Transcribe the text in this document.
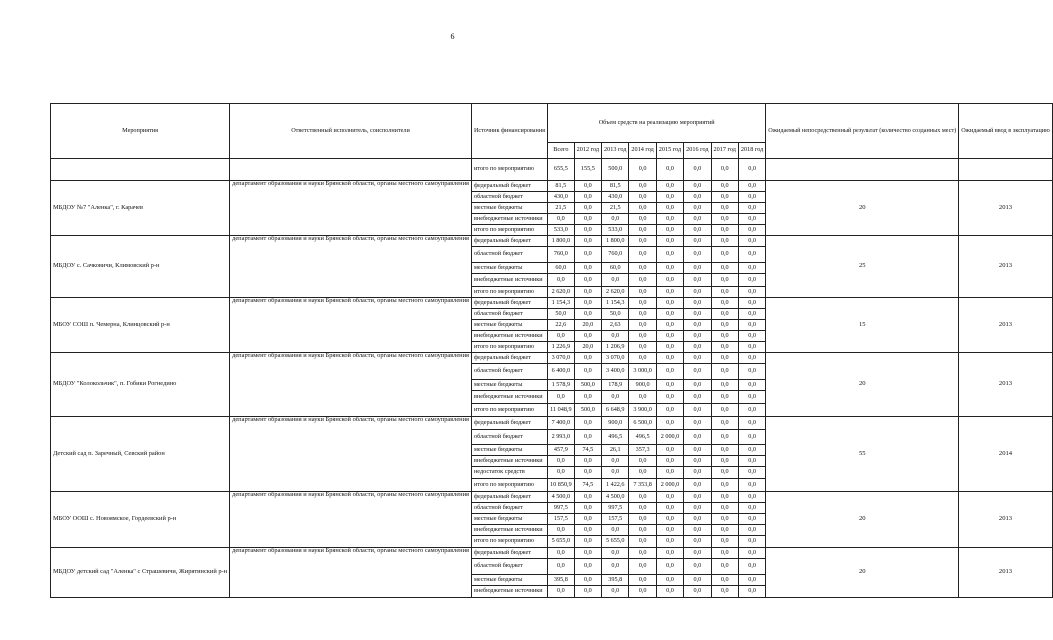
6
Мероприятия	Ответственный исполнитель, соисполнители	Источник финансирования	Объем средств на реализацию мероприятий								Ожидаемый непосредственный результат (количество созданных мест)	Ожидаемый ввод в эксплуатацию
			Всего	2012 год	2013 год	2014 год	2015 год	2016 год	2017 год	2018 год		
		итого по мероприятию	655,5	155,5	500,0	0,0	0,0	0,0	0,0	0,0		
МБДОУ №7 "Аленка", г. Карачев	департамент образования и науки Брянской области, органы местного самоуправления	федеральный бюджет	81,5	0,0	81,5	0,0	0,0	0,0	0,0	0,0	20	2013
		областной бюджет	430,0	0,0	430,0	0,0	0,0	0,0	0,0	0,0		
		местные бюджеты	21,5	0,0	21,5	0,0	0,0	0,0	0,0	0,0		
		внебюджетные источники	0,0	0,0	0,0	0,0	0,0	0,0	0,0	0,0		
		итого по мероприятию	533,0	0,0	533,0	0,0	0,0	0,0	0,0	0,0		
МБДОУ с. Сачковичи, Климовский р-н	департамент образования и науки Брянской области, органы местного самоуправления	федеральный бюджет	1 800,0	0,0	1 800,0	0,0	0,0	0,0	0,0	0,0	25	2013
		областной бюджет	760,0	0,0	760,0	0,0	0,0	0,0	0,0	0,0		
		местные бюджеты	60,0	0,0	60,0	0,0	0,0	0,0	0,0	0,0		
		внебюджетные источники	0,0	0,0	0,0	0,0	0,0	0,0	0,0	0,0		
		итого по мероприятию	2 620,0	0,0	2 620,0	0,0	0,0	0,0	0,0	0,0		
МБОУ СОШ п. Чемерна, Клинцовский р-н	департамент образования и науки Брянской области, органы местного самоуправления	федеральный бюджет	1 154,3	0,0	1 154,3	0,0	0,0	0,0	0,0	0,0	15	2013
		областной бюджет	50,0	0,0	50,0	0,0	0,0	0,0	0,0	0,0		
		местные бюджеты	22,6	20,0	2,63	0,0	0,0	0,0	0,0	0,0		
		внебюджетные источники	0,0	0,0	0,0	0,0	0,0	0,0	0,0	0,0		
		итого по мероприятию	1 226,9	20,0	1 206,9	0,0	0,0	0,0	0,0	0,0		
МБДОУ "Колокольчик", п. Гобики Рогнедино	департамент образования и науки Брянской области, органы местного самоуправления	федеральный бюджет	3 070,0	0,0	3 070,0	0,0	0,0	0,0	0,0	0,0	20	2013
		областной бюджет	6 400,0	0,0	3 400,0	3 000,0	0,0	0,0	0,0	0,0		
		местные бюджеты	1 578,9	500,0	178,9	900,0	0,0	0,0	0,0	0,0		
		внебюджетные источники	0,0	0,0	0,0	0,0	0,0	0,0	0,0	0,0		
		итого по мероприятию	11 048,9	500,0	6 648,9	3 900,0	0,0	0,0	0,0	0,0		
Детский сад п. Заречный, Севский район	департамент образования и науки Брянской области, органы местного самоуправления	федеральный бюджет	7 400,0	0,0	900,0	6 500,0	0,0	0,0	0,0	0,0	55	2014
		областной бюджет	2 993,0	0,0	496,5	496,5	2 000,0	0,0	0,0	0,0		
		местные бюджеты	457,9	74,5	26,1	357,3	0,0	0,0	0,0	0,0		
		внебюджетные источники	0,0	0,0	0,0	0,0	0,0	0,0	0,0	0,0		
		недостаток средств	0,0	0,0	0,0	0,0	0,0	0,0	0,0	0,0		
		итого по мероприятию	10 850,9	74,5	1 422,6	7 353,8	2 000,0	0,0	0,0	0,0		
МБОУ ООШ с. Новоямское, Гордеевский р-н	департамент образования и науки Брянской области, органы местного самоуправления	федеральный бюджет	4 500,0	0,0	4 500,0	0,0	0,0	0,0	0,0	0,0	20	2013
		областной бюджет	997,5	0,0	997,5	0,0	0,0	0,0	0,0	0,0		
		местные бюджеты	157,5	0,0	157,5	0,0	0,0	0,0	0,0	0,0		
		внебюджетные источники	0,0	0,0	0,0	0,0	0,0	0,0	0,0	0,0		
		итого по мероприятию	5 655,0	0,0	5 655,0	0,0	0,0	0,0	0,0	0,0		
МБДОУ детский сад "Аленка" с Страшевичи, Жирятинский р-н	департамент образования и науки Брянской области, органы местного самоуправления	федеральный бюджет	0,0	0,0	0,0	0,0	0,0	0,0	0,0	0,0	20	2013
		областной бюджет	0,0	0,0	0,0	0,0	0,0	0,0	0,0	0,0		
		местные бюджеты	395,8	0,0	395,8	0,0	0,0	0,0	0,0	0,0		
		внебюджетные источники	0,0	0,0	0,0	0,0	0,0	0,0	0,0	0,0		
